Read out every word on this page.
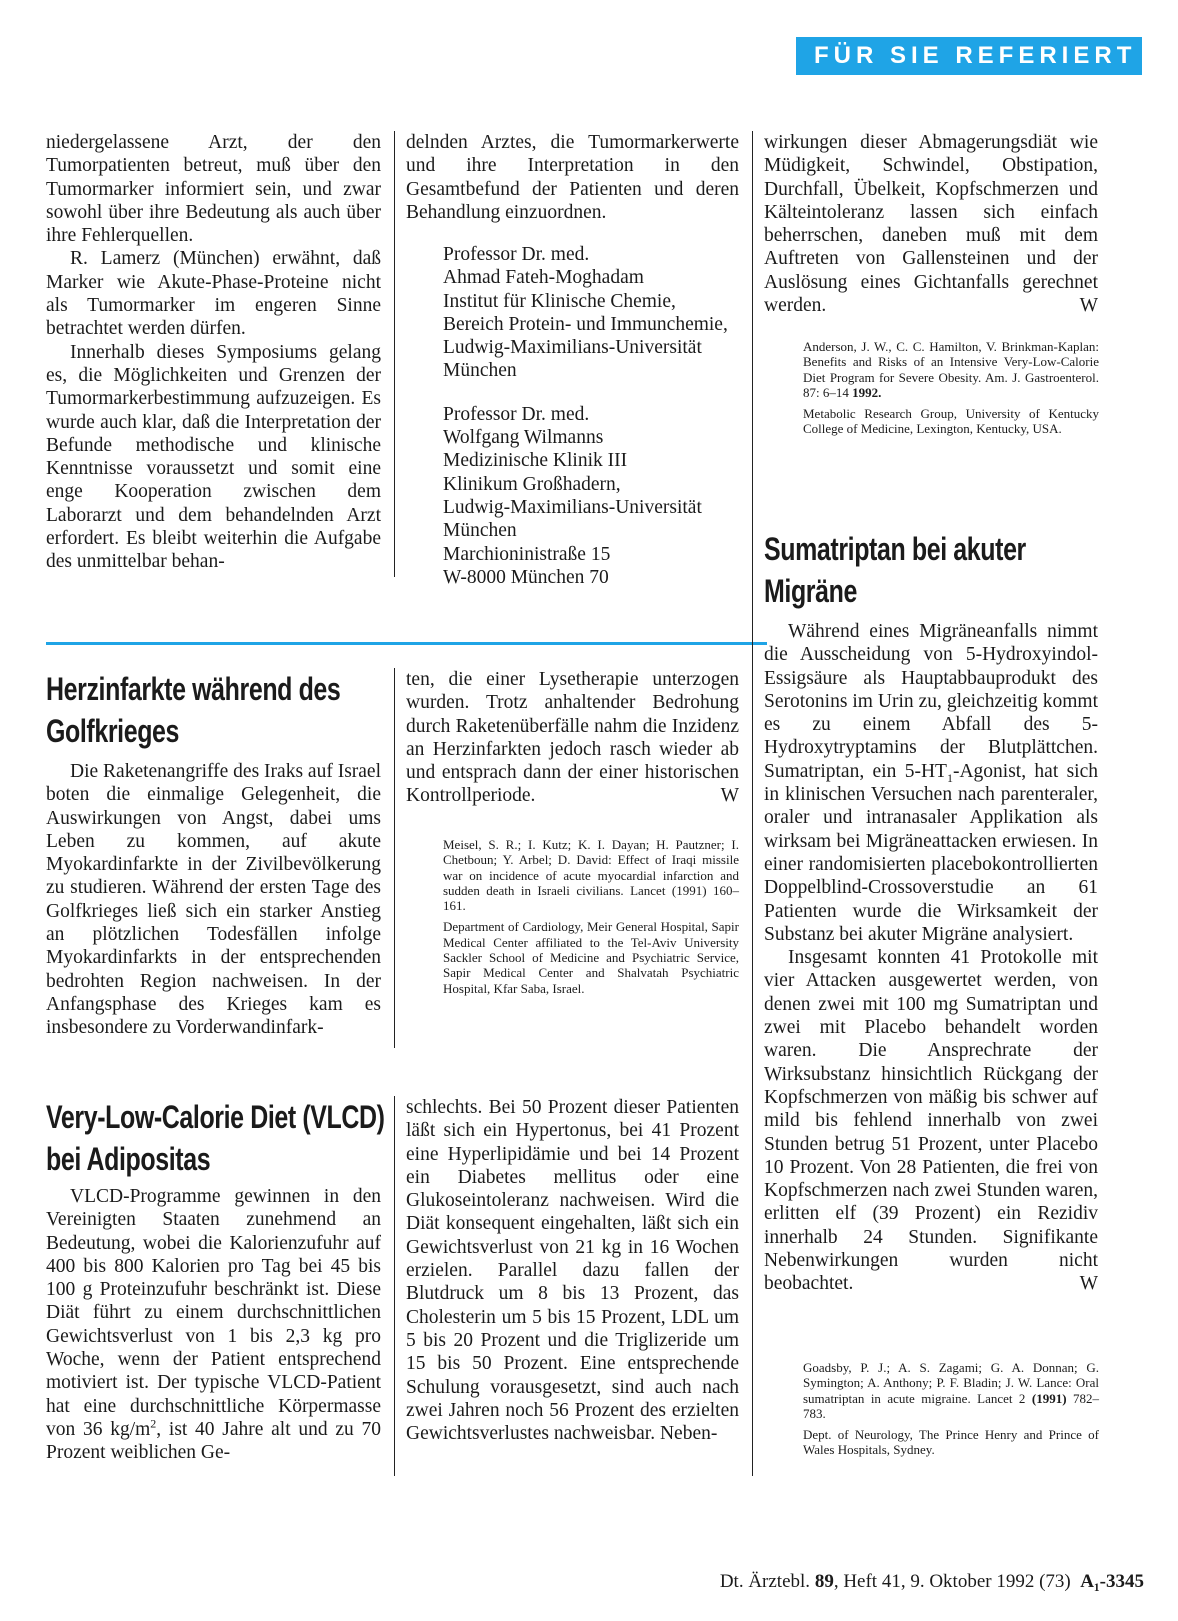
FÜR SIE REFERIERT

niedergelassene Arzt, der den Tumorpatienten betreut, muß über den Tumormarker informiert sein, und zwar sowohl über ihre Bedeutung als auch über ihre Fehlerquellen.

R. Lamerz (München) erwähnt, daß Marker wie Akute-Phase-Proteine nicht als Tumormarker im engeren Sinne betrachtet werden dürfen.

Innerhalb dieses Symposiums gelang es, die Möglichkeiten und Grenzen der Tumormarkerbestimmung aufzuzeigen. Es wurde auch klar, daß die Interpretation der Befunde methodische und klinische Kenntnisse voraussetzt und somit eine enge Kooperation zwischen dem Laborarzt und dem behandelnden Arzt erfordert. Es bleibt weiterhin die Aufgabe des unmittelbar behan-

delnden Arztes, die Tumormarkerwerte und ihre Interpretation in den Gesamtbefund der Patienten und deren Behandlung einzuordnen.

Professor Dr. med.
Ahmad Fateh-Moghadam
Institut für Klinische Chemie,
Bereich Protein- und Immunchemie, Ludwig-Maximilians-Universität München

Professor Dr. med.
Wolfgang Wilmanns
Medizinische Klinik III
Klinikum Großhadern,
Ludwig-Maximilians-Universität
München
Marchioninistraße 15
W-8000 München 70

Herzinfarkte während des Golfkrieges

Die Raketenangriffe des Iraks auf Israel boten die einmalige Gelegenheit, die Auswirkungen von Angst, dabei ums Leben zu kommen, auf akute Myokardinfarkte in der Zivilbevölkerung zu studieren. Während der ersten Tage des Golfkrieges ließ sich ein starker Anstieg an plötzlichen Todesfällen infolge Myokardinfarkts in der entsprechenden bedrohten Region nachweisen. In der Anfangsphase des Krieges kam es insbesondere zu Vorderwandinfark-

ten, die einer Lysetherapie unterzogen wurden. Trotz anhaltender Bedrohung durch Raketenüberfälle nahm die Inzidenz an Herzinfarkten jedoch rasch wieder ab und entsprach dann der einer historischen Kontrollperiode.	W

Meisel, S. R.; I. Kutz; K. I. Dayan; H. Pautzner; I. Chetboun; Y. Arbel; D. David: Effect of Iraqi missile war on incidence of acute myocardial infarction and sudden death in Israeli civilians. Lancet (1991) 160–161.

Department of Cardiology, Meir General Hospital, Sapir Medical Center affiliated to the Tel-Aviv University Sackler School of Medicine and Psychiatric Service, Sapir Medical Center and Shalvatah Psychiatric Hospital, Kfar Saba, Israel.

Very-Low-Calorie Diet (VLCD) bei Adipositas

VLCD-Programme gewinnen in den Vereinigten Staaten zunehmend an Bedeutung, wobei die Kalorienzufuhr auf 400 bis 800 Kalorien pro Tag bei 45 bis 100 g Proteinzufuhr beschränkt ist. Diese Diät führt zu einem durchschnittlichen Gewichtsverlust von 1 bis 2,3 kg pro Woche, wenn der Patient entsprechend motiviert ist. Der typische VLCD-Patient hat eine durchschnittliche Körpermasse von 36 $kg/m^2$, ist 40 Jahre alt und zu 70 Prozent weiblichen Ge-

schlechts. Bei 50 Prozent dieser Patienten läßt sich ein Hypertonus, bei 41 Prozent eine Hyperlipidämie und bei 14 Prozent ein Diabetes mellitus oder eine Glukoseintoleranz nachweisen. Wird die Diät konsequent eingehalten, läßt sich ein Gewichtsverlust von 21 kg in 16 Wochen erzielen. Parallel dazu fallen der Blutdruck um 8 bis 13 Prozent, das Cholesterin um 5 bis 15 Prozent, LDL um 5 bis 20 Prozent und die Triglizeride um 15 bis 50 Prozent. Eine entsprechende Schulung vorausgesetzt, sind auch nach zwei Jahren noch 56 Prozent des erzielten Gewichtsverlustes nachweisbar. Neben-

wirkungen dieser Abmagerungsdiät wie Müdigkeit, Schwindel, Obstipation, Durchfall, Übelkeit, Kopfschmerzen und Kälteintoleranz lassen sich einfach beherrschen, daneben muß mit dem Auftreten von Gallensteinen und der Auslösung eines Gichtanfalls gerechnet werden.	W

Anderson, J. W., C. C. Hamilton, V. Brinkman-Kaplan: Benefits and Risks of an Intensive Very-Low-Calorie Diet Program for Severe Obesity. Am. J. Gastroenterol. 87: 6–14 1992.

Metabolic Research Group, University of Kentucky College of Medicine, Lexington, Kentucky, USA.

Sumatriptan bei akuter Migräne

Während eines Migräneanfalls nimmt die Ausscheidung von 5-Hydroxyindol-Essigsäure als Hauptabbauprodukt des Serotonins im Urin zu, gleichzeitig kommt es zu einem Abfall des 5-Hydroxytryptamins der Blutplättchen. Sumatriptan, ein $5-HT_1$-Agonist, hat sich in klinischen Versuchen nach parenteraler, oraler und intranasaler Applikation als wirksam bei Migräneattacken erwiesen. In einer randomisierten placebokontrollierten Doppelblind-Crossoverstudie an 61 Patienten wurde die Wirksamkeit der Substanz bei akuter Migräne analysiert.

Insgesamt konnten 41 Protokolle mit vier Attacken ausgewertet werden, von denen zwei mit 100 mg Sumatriptan und zwei mit Placebo behandelt worden waren. Die Ansprechrate der Wirksubstanz hinsichtlich Rückgang der Kopfschmerzen von mäßig bis schwer auf mild bis fehlend innerhalb von zwei Stunden betrug 51 Prozent, unter Placebo 10 Prozent. Von 28 Patienten, die frei von Kopfschmerzen nach zwei Stunden waren, erlitten elf (39 Prozent) ein Rezidiv innerhalb 24 Stunden. Signifikante Nebenwirkungen wurden nicht beobachtet.	W

Goadsby, P. J.; A. S. Zagami; G. A. Donnan; G. Symington; A. Anthony; P. F. Bladin; J. W. Lance: Oral sumatriptan in acute migraine. Lancet 2 (1991) 782–783.

Dept. of Neurology, The Prince Henry and Prince of Wales Hospitals, Sydney.

Dt. Ärztebl. 89, Heft 41, 9. Oktober 1992 (73) A₁-3345
